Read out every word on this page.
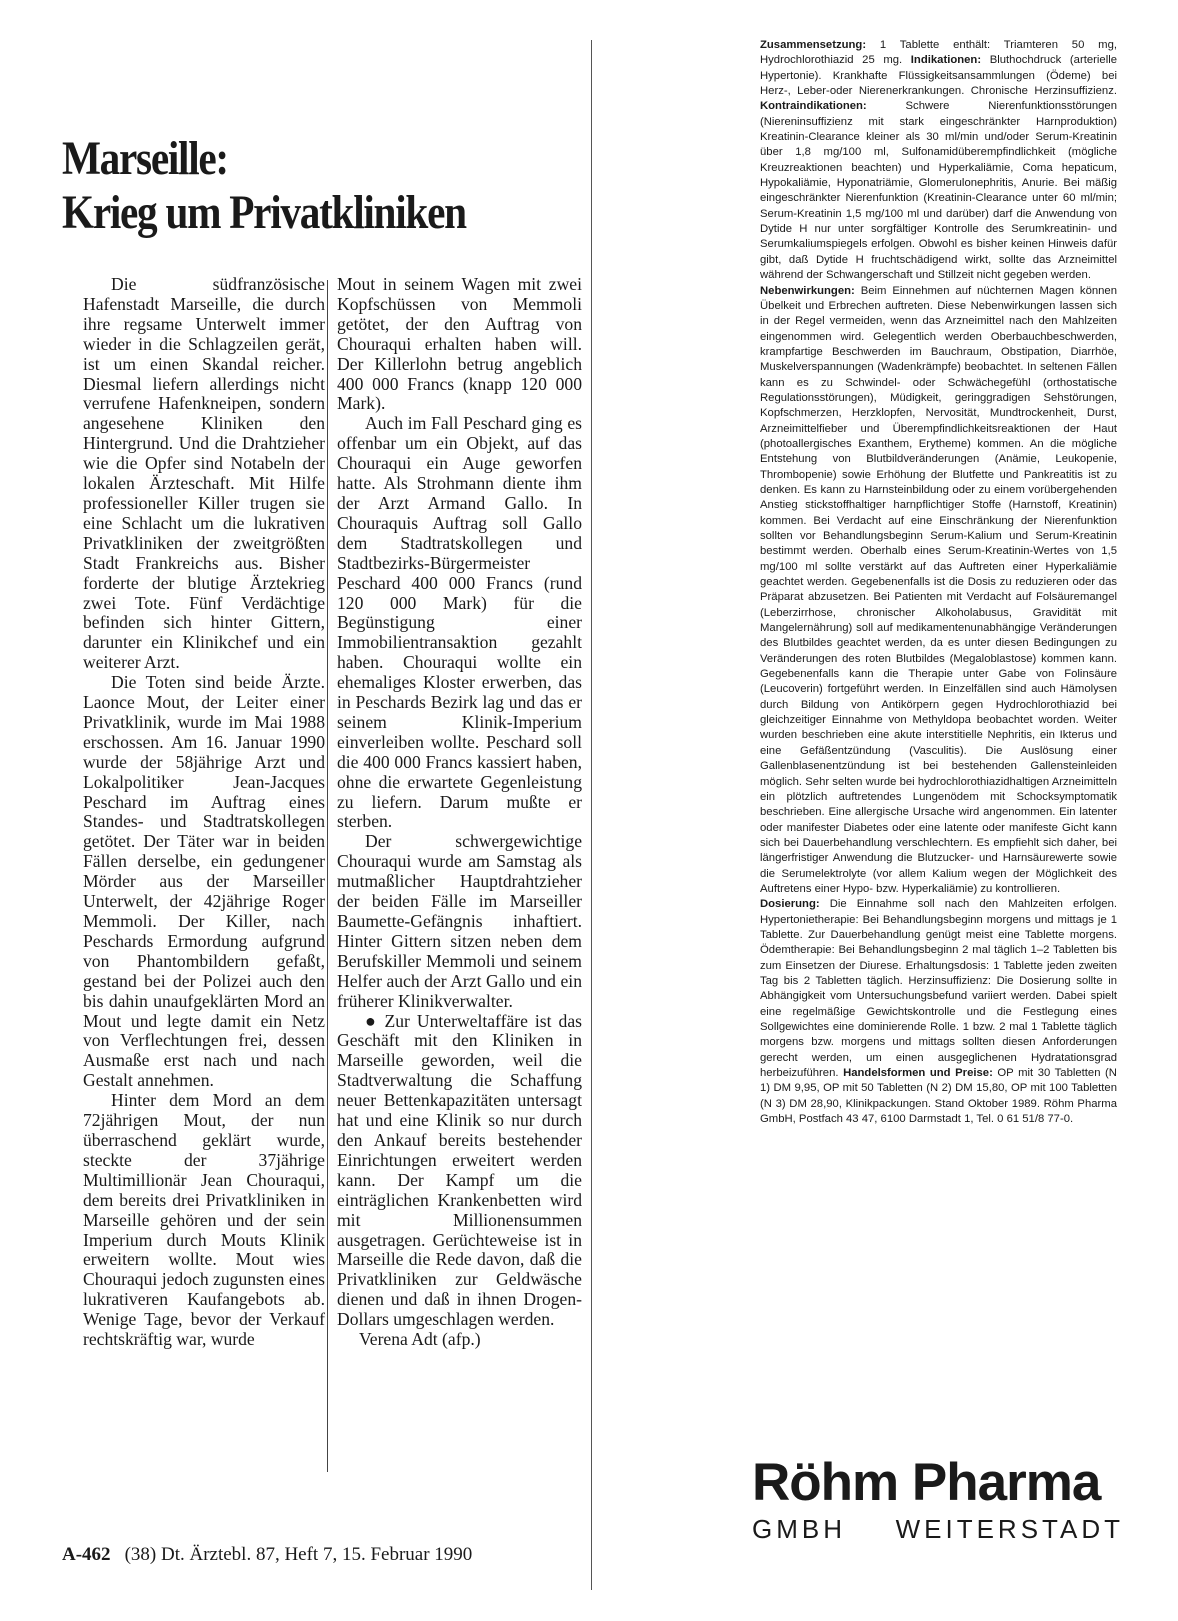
Marseille:
Krieg um Privatkliniken

Die südfranzösische Hafenstadt Marseille, die durch ihre regsame Unterwelt immer wieder in die Schlagzeilen gerät, ist um einen Skandal reicher. Diesmal liefern allerdings nicht verrufene Hafenkneipen, sondern angesehene Kliniken den Hintergrund. Und die Drahtzieher wie die Opfer sind Notabeln der lokalen Ärzteschaft. Mit Hilfe professioneller Killer trugen sie eine Schlacht um die lukrativen Privatkliniken der zweitgrößten Stadt Frankreichs aus. Bisher forderte der blutige Ärztekrieg zwei Tote. Fünf Verdächtige befinden sich hinter Gittern, darunter ein Klinikchef und ein weiterer Arzt.

Die Toten sind beide Ärzte. Laonce Mout, der Leiter einer Privatklinik, wurde im Mai 1988 erschossen. Am 16. Januar 1990 wurde der 58jährige Arzt und Lokalpolitiker Jean-Jacques Peschard im Auftrag eines Standes- und Stadtratskollegen getötet. Der Täter war in beiden Fällen derselbe, ein gedungener Mörder aus der Marseiller Unterwelt, der 42jährige Roger Memmoli. Der Killer, nach Peschards Ermordung aufgrund von Phantombildern gefaßt, gestand bei der Polizei auch den bis dahin unaufgeklärten Mord an Mout und legte damit ein Netz von Verflechtungen frei, dessen Ausmaße erst nach und nach Gestalt annehmen.

Hinter dem Mord an dem 72jährigen Mout, der nun überraschend geklärt wurde, steckte der 37jährige Multimillionär Jean Chouraqui, dem bereits drei Privatkliniken in Marseille gehören und der sein Imperium durch Mouts Klinik erweitern wollte. Mout wies Chouraqui jedoch zugunsten eines lukrativeren Kaufangebots ab. Wenige Tage, bevor der Verkauf rechtskräftig war, wurde

Mout in seinem Wagen mit zwei Kopfschüssen von Memmoli getötet, der den Auftrag von Chouraqui erhalten haben will. Der Killerlohn betrug angeblich 400 000 Francs (knapp 120 000 Mark).

Auch im Fall Peschard ging es offenbar um ein Objekt, auf das Chouraqui ein Auge geworfen hatte. Als Strohmann diente ihm der Arzt Armand Gallo. In Chouraquis Auftrag soll Gallo dem Stadtratskollegen und Stadtbezirks-Bürgermeister Peschard 400 000 Francs (rund 120 000 Mark) für die Begünstigung einer Immobilientransaktion gezahlt haben. Chouraqui wollte ein ehemaliges Kloster erwerben, das in Peschards Bezirk lag und das er seinem Klinik-Imperium einverleiben wollte. Peschard soll die 400 000 Francs kassiert haben, ohne die erwartete Gegenleistung zu liefern. Darum mußte er sterben.

Der schwergewichtige Chouraqui wurde am Samstag als mutmaßlicher Hauptdrahtzieher der beiden Fälle im Marseiller Baumette-Gefängnis inhaftiert. Hinter Gittern sitzen neben dem Berufskiller Memmoli und seinem Helfer auch der Arzt Gallo und ein früherer Klinikverwalter.

● Zur Unterweltaffäre ist das Geschäft mit den Kliniken in Marseille geworden, weil die Stadtverwaltung die Schaffung neuer Bettenkapazitäten untersagt hat und eine Klinik so nur durch den Ankauf bereits bestehender Einrichtungen erweitert werden kann. Der Kampf um die einträglichen Krankenbetten wird mit Millionensummen ausgetragen. Gerüchteweise ist in Marseille die Rede davon, daß die Privatkliniken zur Geldwäsche dienen und daß in ihnen Drogen-Dollars umgeschlagen werden.

Verena Adt (afp.)

A-462 (38) Dt. Ärztebl. 87, Heft 7, 15. Februar 1990

Zusammensetzung: 1 Tablette enthält: Triamteren 50 mg, Hydrochlorothiazid 25 mg. Indikationen: Bluthochdruck (arterielle Hypertonie). Krankhafte Flüssigkeitsansammlungen (Ödeme) bei Herz-, Leber-oder Nierenerkrankungen. Chronische Herzinsuffizienz. Kontraindikationen: Schwere Nierenfunktionsstörungen (Niereninsuffizienz mit stark eingeschränkter Harnproduktion) Kreatinin-Clearance kleiner als 30 ml/min und/oder Serum-Kreatinin über 1,8 mg/100 ml, Sulfonamidüberempfindlichkeit (mögliche Kreuzreaktionen beachten) und Hyperkaliämie, Coma hepaticum, Hypokaliämie, Hyponatriämie, Glomerulonephritis, Anurie. Bei mäßig eingeschränkter Nierenfunktion (Kreatinin-Clearance unter 60 ml/min; Serum-Kreatinin 1,5 mg/100 ml und darüber) darf die Anwendung von Dytide H nur unter sorgfältiger Kontrolle des Serumkreatinin- und Serumkaliumspiegels erfolgen. Obwohl es bisher keinen Hinweis dafür gibt, daß Dytide H fruchtschädigend wirkt, sollte das Arzneimittel während der Schwangerschaft und Stillzeit nicht gegeben werden.

Nebenwirkungen: Beim Einnehmen auf nüchternen Magen können Übelkeit und Erbrechen auftreten. Diese Nebenwirkungen lassen sich in der Regel vermeiden, wenn das Arzneimittel nach den Mahlzeiten eingenommen wird. Gelegentlich werden Oberbauchbeschwerden, krampfartige Beschwerden im Bauchraum, Obstipation, Diarrhöe, Muskelverspannungen (Wadenkrämpfe) beobachtet. In seltenen Fällen kann es zu Schwindel- oder Schwächegefühl (orthostatische Regulationsstörungen), Müdigkeit, geringgradigen Sehstörungen, Kopfschmerzen, Herzklopfen, Nervosität, Mundtrockenheit, Durst, Arzneimittelfieber und Überempfindlichkeitsreaktionen der Haut (photoallergisches Exanthem, Erytheme) kommen. An die mögliche Entstehung von Blutbildveränderungen (Anämie, Leukopenie, Thrombopenie) sowie Erhöhung der Blutfette und Pankreatitis ist zu denken. Es kann zu Harnsteinbildung oder zu einem vorübergehenden Anstieg stickstoffhaltiger harnpflichtiger Stoffe (Harnstoff, Kreatinin) kommen. Bei Verdacht auf eine Einschränkung der Nierenfunktion sollten vor Behandlungsbeginn Serum-Kalium und Serum-Kreatinin bestimmt werden. Oberhalb eines Serum-Kreatinin-Wertes von 1,5 mg/100 ml sollte verstärkt auf das Auftreten einer Hyperkaliämie geachtet werden. Gegebenenfalls ist die Dosis zu reduzieren oder das Präparat abzusetzen. Bei Patienten mit Verdacht auf Folsäuremangel (Leberzirrhose, chronischer Alkoholabusus, Gravidität mit Mangelernährung) soll auf medikamentenunabhängige Veränderungen des Blutbildes geachtet werden, da es unter diesen Bedingungen zu Veränderungen des roten Blutbildes (Megaloblastose) kommen kann. Gegebenenfalls kann die Therapie unter Gabe von Folinsäure (Leucoverin) fortgeführt werden. In Einzelfällen sind auch Hämolysen durch Bildung von Antikörpern gegen Hydrochlorothiazid bei gleichzeitiger Einnahme von Methyldopa beobachtet worden. Weiter wurden beschrieben eine akute interstitielle Nephritis, ein Ikterus und eine Gefäßentzündung (Vasculitis). Die Auslösung einer Gallenblasenentzündung ist bei bestehenden Gallensteinleiden möglich. Sehr selten wurde bei hydrochlorothiazidhaltigen Arzneimitteln ein plötzlich auftretendes Lungenödem mit Schocksymptomatik beschrieben. Eine allergische Ursache wird angenommen. Ein latenter oder manifester Diabetes oder eine latente oder manifeste Gicht kann sich bei Dauerbehandlung verschlechtern. Es empfiehlt sich daher, bei längerfristiger Anwendung die Blutzucker- und Harnsäurewerte sowie die Serumelektrolyte (vor allem Kalium wegen der Möglichkeit des Auftretens einer Hypo- bzw. Hyperkaliämie) zu kontrollieren.

Dosierung: Die Einnahme soll nach den Mahlzeiten erfolgen. Hypertonietherapie: Bei Behandlungsbeginn morgens und mittags je 1 Tablette. Zur Dauerbehandlung genügt meist eine Tablette morgens. Ödemtherapie: Bei Behandlungsbeginn 2 mal täglich 1–2 Tabletten bis zum Einsetzen der Diurese. Erhaltungsdosis: 1 Tablette jeden zweiten Tag bis 2 Tabletten täglich. Herzinsuffizienz: Die Dosierung sollte in Abhängigkeit vom Untersuchungsbefund variiert werden. Dabei spielt eine regelmäßige Gewichtskontrolle und die Festlegung eines Sollgewichtes eine dominierende Rolle. 1 bzw. 2 mal 1 Tablette täglich morgens bzw. morgens und mittags sollten diesen Anforderungen gerecht werden, um einen ausgeglichenen Hydratationsgrad herbeizuführen. Handelsformen und Preise: OP mit 30 Tabletten (N 1) DM 9,95, OP mit 50 Tabletten (N 2) DM 15,80, OP mit 100 Tabletten (N 3) DM 28,90, Klinikpackungen. Stand Oktober 1989. Röhm Pharma GmbH, Postfach 43 47, 6100 Darmstadt 1, Tel. 0 61 51/8 77-0.

Röhm Pharma
GMBH WEITERSTADT
